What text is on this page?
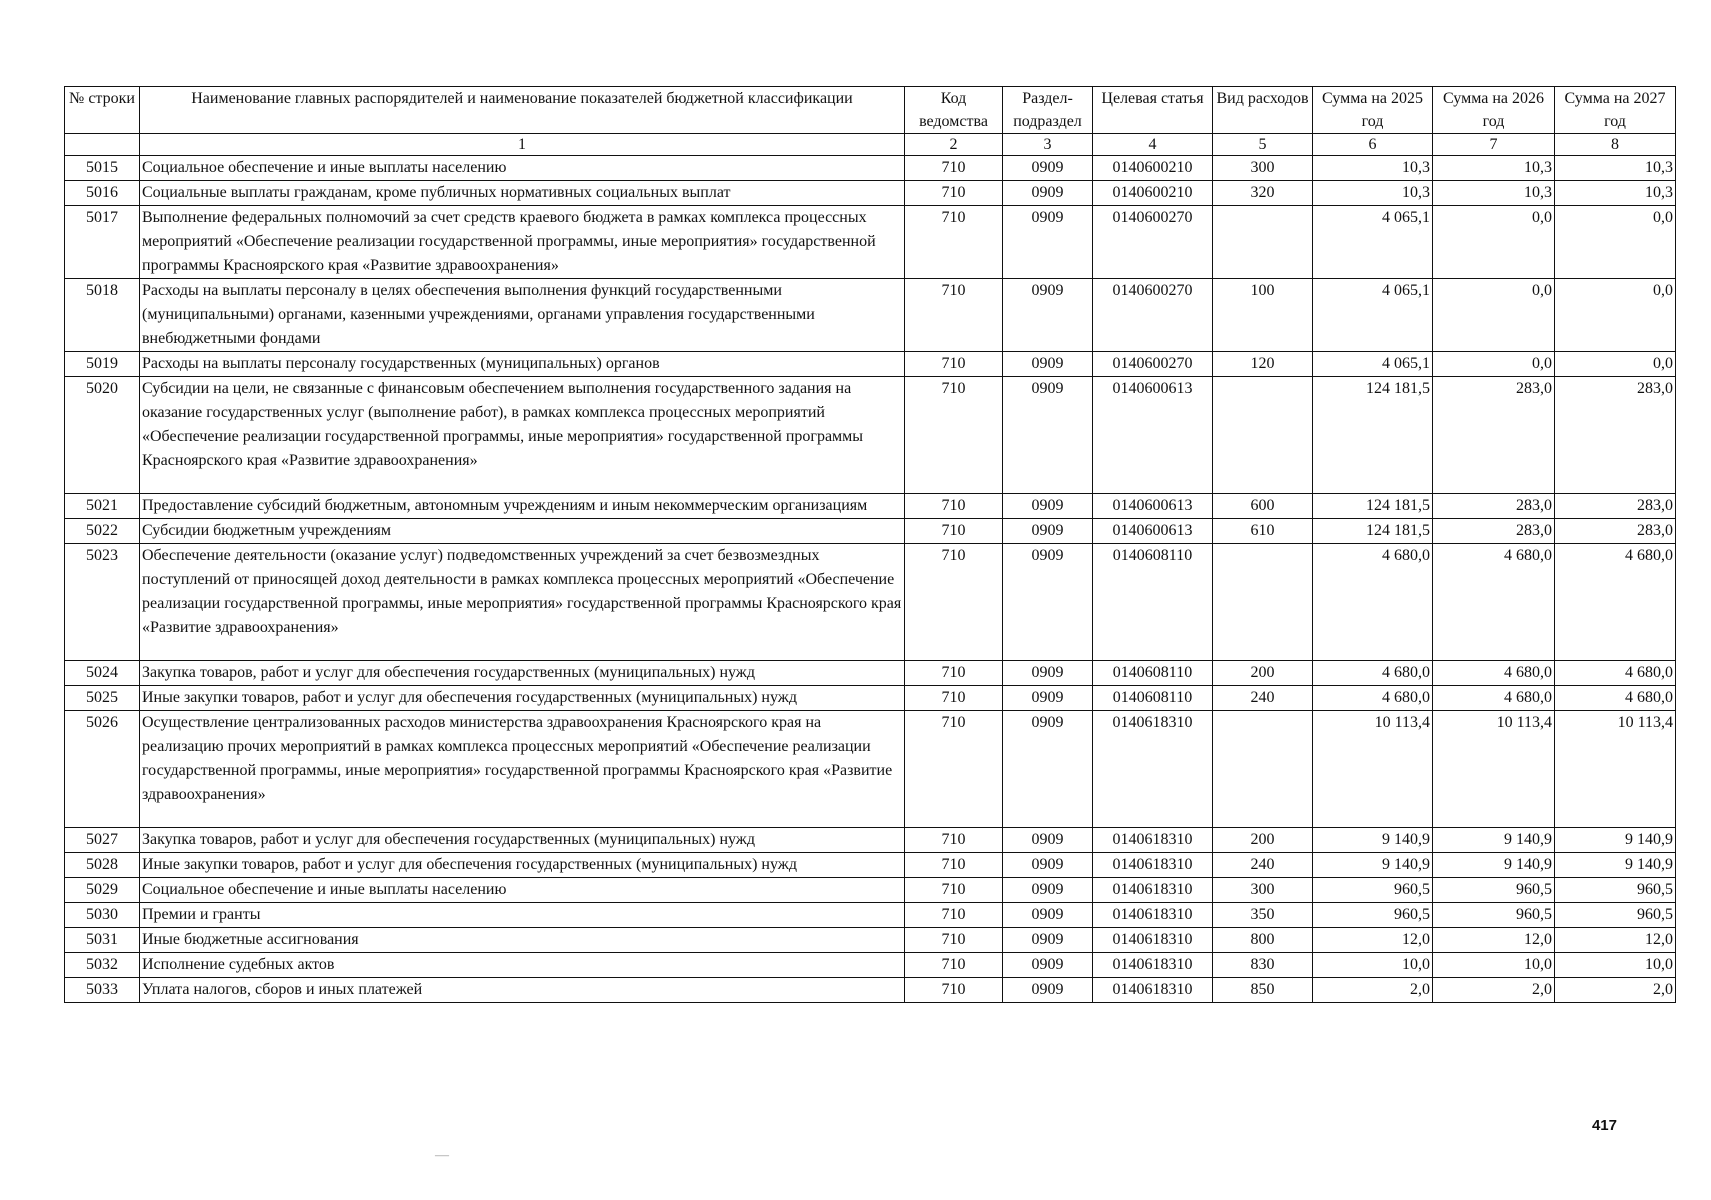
№ строки	Наименование главных распорядителей и наименование показателей бюджетной классификации	Код ведомства	Раздел-подраздел	Целевая статья	Вид расходов	Сумма на 2025 год	Сумма на 2026 год	Сумма на 2027 год
	1	2	3	4	5	6	7	8
5015	Социальное обеспечение и иные выплаты населению	710	0909	0140600210	300	10,3	10,3	10,3
5016	Социальные выплаты гражданам, кроме публичных нормативных социальных выплат	710	0909	0140600210	320	10,3	10,3	10,3
5017	Выполнение федеральных полномочий за счет средств краевого бюджета в рамках комплекса процессных мероприятий «Обеспечение реализации государственной программы, иные мероприятия» государственной программы Красноярского края «Развитие здравоохранения»	710	0909	0140600270		4 065,1	0,0	0,0
5018	Расходы на выплаты персоналу в целях обеспечения выполнения функций государственными (муниципальными) органами, казенными учреждениями, органами управления государственными внебюджетными фондами	710	0909	0140600270	100	4 065,1	0,0	0,0
5019	Расходы на выплаты персоналу государственных (муниципальных) органов	710	0909	0140600270	120	4 065,1	0,0	0,0
5020	Субсидии на цели, не связанные с финансовым обеспечением выполнения государственного задания на оказание государственных услуг (выполнение работ), в рамках комплекса процессных мероприятий «Обеспечение реализации государственной программы, иные мероприятия» государственной программы Красноярского края «Развитие здравоохранения»	710	0909	0140600613		124 181,5	283,0	283,0
5021	Предоставление субсидий бюджетным, автономным учреждениям и иным некоммерческим организациям	710	0909	0140600613	600	124 181,5	283,0	283,0
5022	Субсидии бюджетным учреждениям	710	0909	0140600613	610	124 181,5	283,0	283,0
5023	Обеспечение деятельности (оказание услуг) подведомственных учреждений за счет безвозмездных поступлений от приносящей доход деятельности в рамках комплекса процессных мероприятий «Обеспечение реализации государственной программы, иные мероприятия» государственной программы Красноярского края «Развитие здравоохранения»	710	0909	0140608110		4 680,0	4 680,0	4 680,0
5024	Закупка товаров, работ и услуг для обеспечения государственных (муниципальных) нужд	710	0909	0140608110	200	4 680,0	4 680,0	4 680,0
5025	Иные закупки товаров, работ и услуг для обеспечения государственных (муниципальных) нужд	710	0909	0140608110	240	4 680,0	4 680,0	4 680,0
5026	Осуществление централизованных расходов министерства здравоохранения Красноярского края на реализацию прочих мероприятий в рамках комплекса процессных мероприятий «Обеспечение реализации государственной программы, иные мероприятия» государственной программы Красноярского края «Развитие здравоохранения»	710	0909	0140618310		10 113,4	10 113,4	10 113,4
5027	Закупка товаров, работ и услуг для обеспечения государственных (муниципальных) нужд	710	0909	0140618310	200	9 140,9	9 140,9	9 140,9
5028	Иные закупки товаров, работ и услуг для обеспечения государственных (муниципальных) нужд	710	0909	0140618310	240	9 140,9	9 140,9	9 140,9
5029	Социальное обеспечение и иные выплаты населению	710	0909	0140618310	300	960,5	960,5	960,5
5030	Премии и гранты	710	0909	0140618310	350	960,5	960,5	960,5
5031	Иные бюджетные ассигнования	710	0909	0140618310	800	12,0	12,0	12,0
5032	Исполнение судебных актов	710	0909	0140618310	830	10,0	10,0	10,0
5033	Уплата налогов, сборов и иных платежей	710	0909	0140618310	850	2,0	2,0	2,0
—
417
